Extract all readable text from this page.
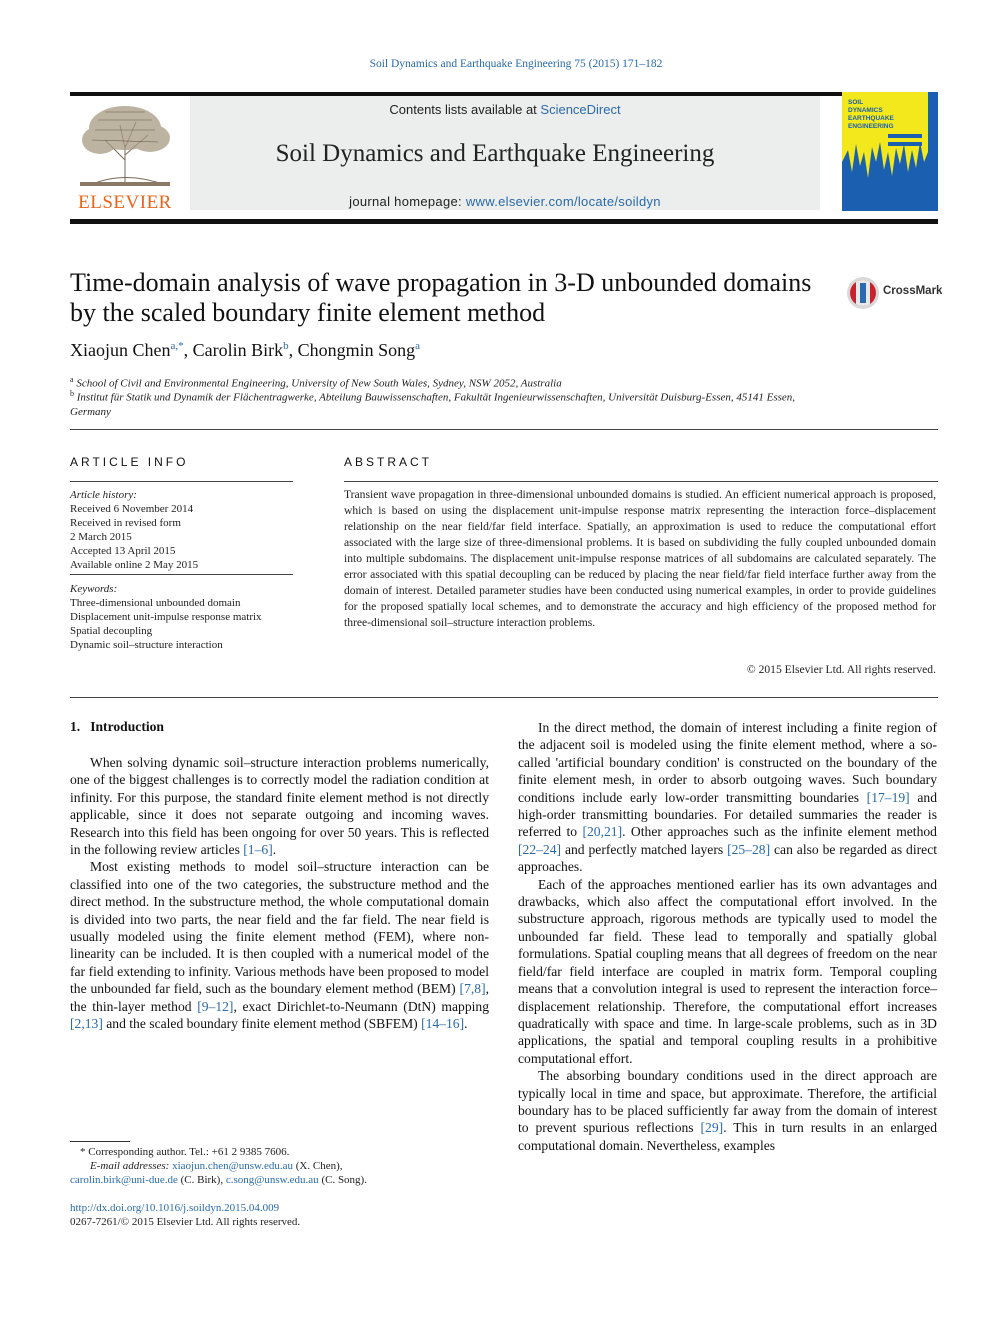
Soil Dynamics and Earthquake Engineering 75 (2015) 171–182
ELSEVIER
Contents lists available at ScienceDirect
Soil Dynamics and Earthquake Engineering
journal homepage: www.elsevier.com/locate/soildyn
SOIL
DYNAMICS
EARTHQUAKE
ENGINEERING
Time-domain analysis of wave propagation in 3-D unbounded domains by the scaled boundary finite element method
CrossMark
Xiaojun Chen$^{a,*}$, Carolin Birk$^b$, Chongmin Song$^a$
$^a$ School of Civil and Environmental Engineering, University of New South Wales, Sydney, NSW 2052, Australia
$^b$ Institut für Statik und Dynamik der Flächentragwerke, Abteilung Bauwissenschaften, Fakultät Ingenieurwissenschaften, Universität Duisburg-Essen, 45141 Essen, Germany
ARTICLE INFO
Article history:
Received 6 November 2014
Received in revised form
2 March 2015
Accepted 13 April 2015
Available online 2 May 2015
Keywords:
Three-dimensional unbounded domain
Displacement unit-impulse response matrix
Spatial decoupling
Dynamic soil–structure interaction
ABSTRACT
Transient wave propagation in three-dimensional unbounded domains is studied. An efficient numerical approach is proposed, which is based on using the displacement unit-impulse response matrix representing the interaction force–displacement relationship on the near field/far field interface. Spatially, an approximation is used to reduce the computational effort associated with the large size of three-dimensional problems. It is based on subdividing the fully coupled unbounded domain into multiple subdomains. The displacement unit-impulse response matrices of all subdomains are calculated separately. The error associated with this spatial decoupling can be reduced by placing the near field/far field interface further away from the domain of interest. Detailed parameter studies have been conducted using numerical examples, in order to provide guidelines for the proposed spatially local schemes, and to demonstrate the accuracy and high efficiency of the proposed method for three-dimensional soil–structure interaction problems.
© 2015 Elsevier Ltd. All rights reserved.
1. Introduction

When solving dynamic soil–structure interaction problems numerically, one of the biggest challenges is to correctly model the radiation condition at infinity. For this purpose, the standard finite element method is not directly applicable, since it does not separate outgoing and incoming waves. Research into this field has been ongoing for over 50 years. This is reflected in the following review articles [1–6].

Most existing methods to model soil–structure interaction can be classified into one of the two categories, the substructure method and the direct method. In the substructure method, the whole computational domain is divided into two parts, the near field and the far field. The near field is usually modeled using the finite element method (FEM), where non-linearity can be included. It is then coupled with a numerical model of the far field extending to infinity. Various methods have been proposed to model the unbounded far field, such as the boundary element method (BEM) [7,8], the thin-layer method [9–12], exact Dirichlet-to-Neumann (DtN) mapping [2,13] and the scaled boundary finite element method (SBFEM) [14–16].

In the direct method, the domain of interest including a finite region of the adjacent soil is modeled using the finite element method, where a so-called 'artificial boundary condition' is constructed on the boundary of the finite element mesh, in order to absorb outgoing waves. Such boundary conditions include early low-order transmitting boundaries [17–19] and high-order transmitting boundaries. For detailed summaries the reader is referred to [20,21]. Other approaches such as the infinite element method [22–24] and perfectly matched layers [25–28] can also be regarded as direct approaches.

Each of the approaches mentioned earlier has its own advantages and drawbacks, which also affect the computational effort involved. In the substructure approach, rigorous methods are typically used to model the unbounded far field. These lead to temporally and spatially global formulations. Spatial coupling means that all degrees of freedom on the near field/far field interface are coupled in matrix form. Temporal coupling means that a convolution integral is used to represent the interaction force–displacement relationship. Therefore, the computational effort increases quadratically with space and time. In large-scale problems, such as in 3D applications, the spatial and temporal coupling results in a prohibitive computational effort.

The absorbing boundary conditions used in the direct approach are typically local in time and space, but approximate. Therefore, the artificial boundary has to be placed sufficiently far away from the domain of interest to prevent spurious reflections [29]. This in turn results in an enlarged computational domain. Nevertheless, examples

* Corresponding author. Tel.: +61 2 9385 7606.
E-mail addresses: xiaojun.chen@unsw.edu.au (X. Chen),
carolin.birk@uni-due.de (C. Birk), c.song@unsw.edu.au (C. Song).
http://dx.doi.org/10.1016/j.soildyn.2015.04.009
0267-7261/© 2015 Elsevier Ltd. All rights reserved.
